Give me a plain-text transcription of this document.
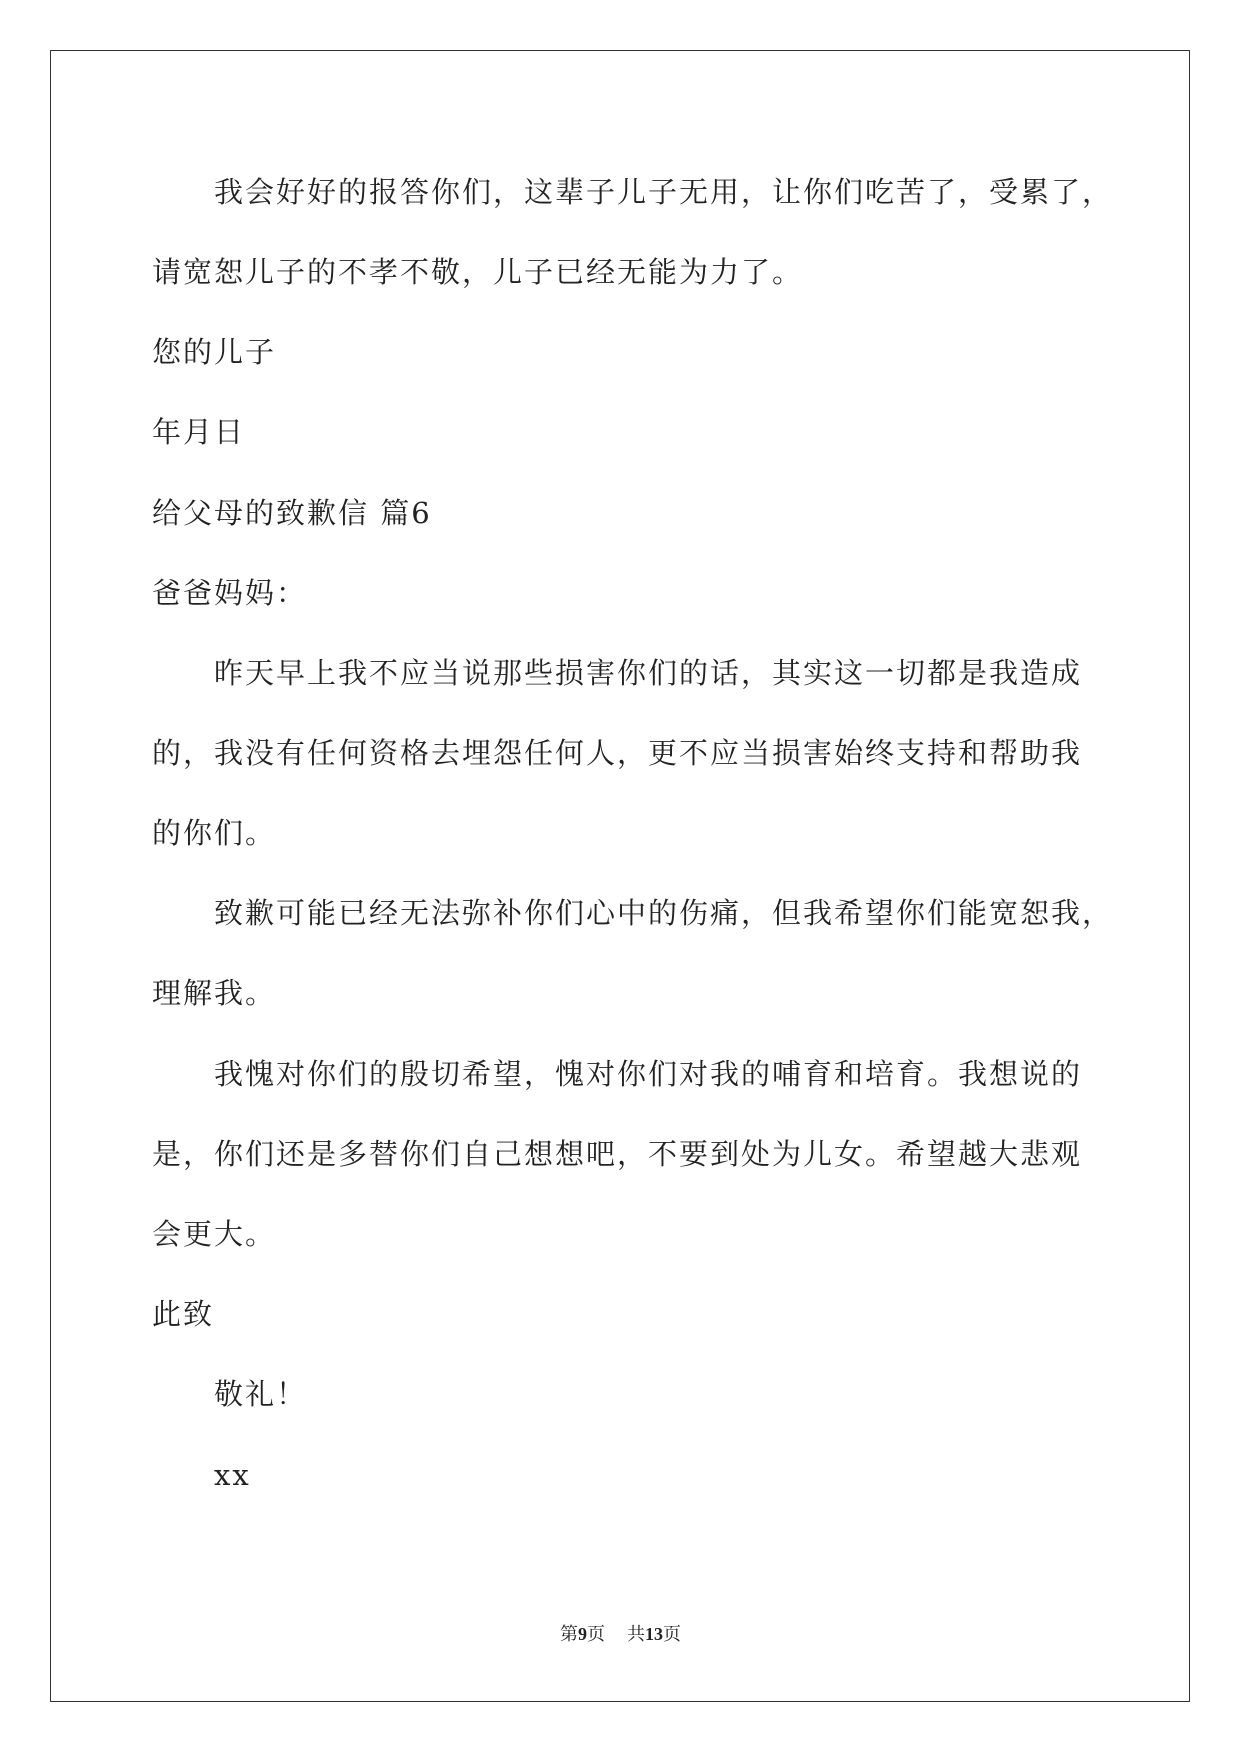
我会好好的报答你们，这辈子儿子无用，让你们吃苦了，受累了，
请宽恕儿子的不孝不敬，儿子已经无能为力了。
您的儿子
年月日
给父母的致歉信 篇6
爸爸妈妈：
昨天早上我不应当说那些损害你们的话，其实这一切都是我造成
的，我没有任何资格去埋怨任何人，更不应当损害始终支持和帮助我
的你们。
致歉可能已经无法弥补你们心中的伤痛，但我希望你们能宽恕我，
理解我。
我愧对你们的殷切希望，愧对你们对我的哺育和培育。我想说的
是，你们还是多替你们自己想想吧，不要到处为儿女。希望越大悲观
会更大。
此致
敬礼！
xx
第9页 共13页
